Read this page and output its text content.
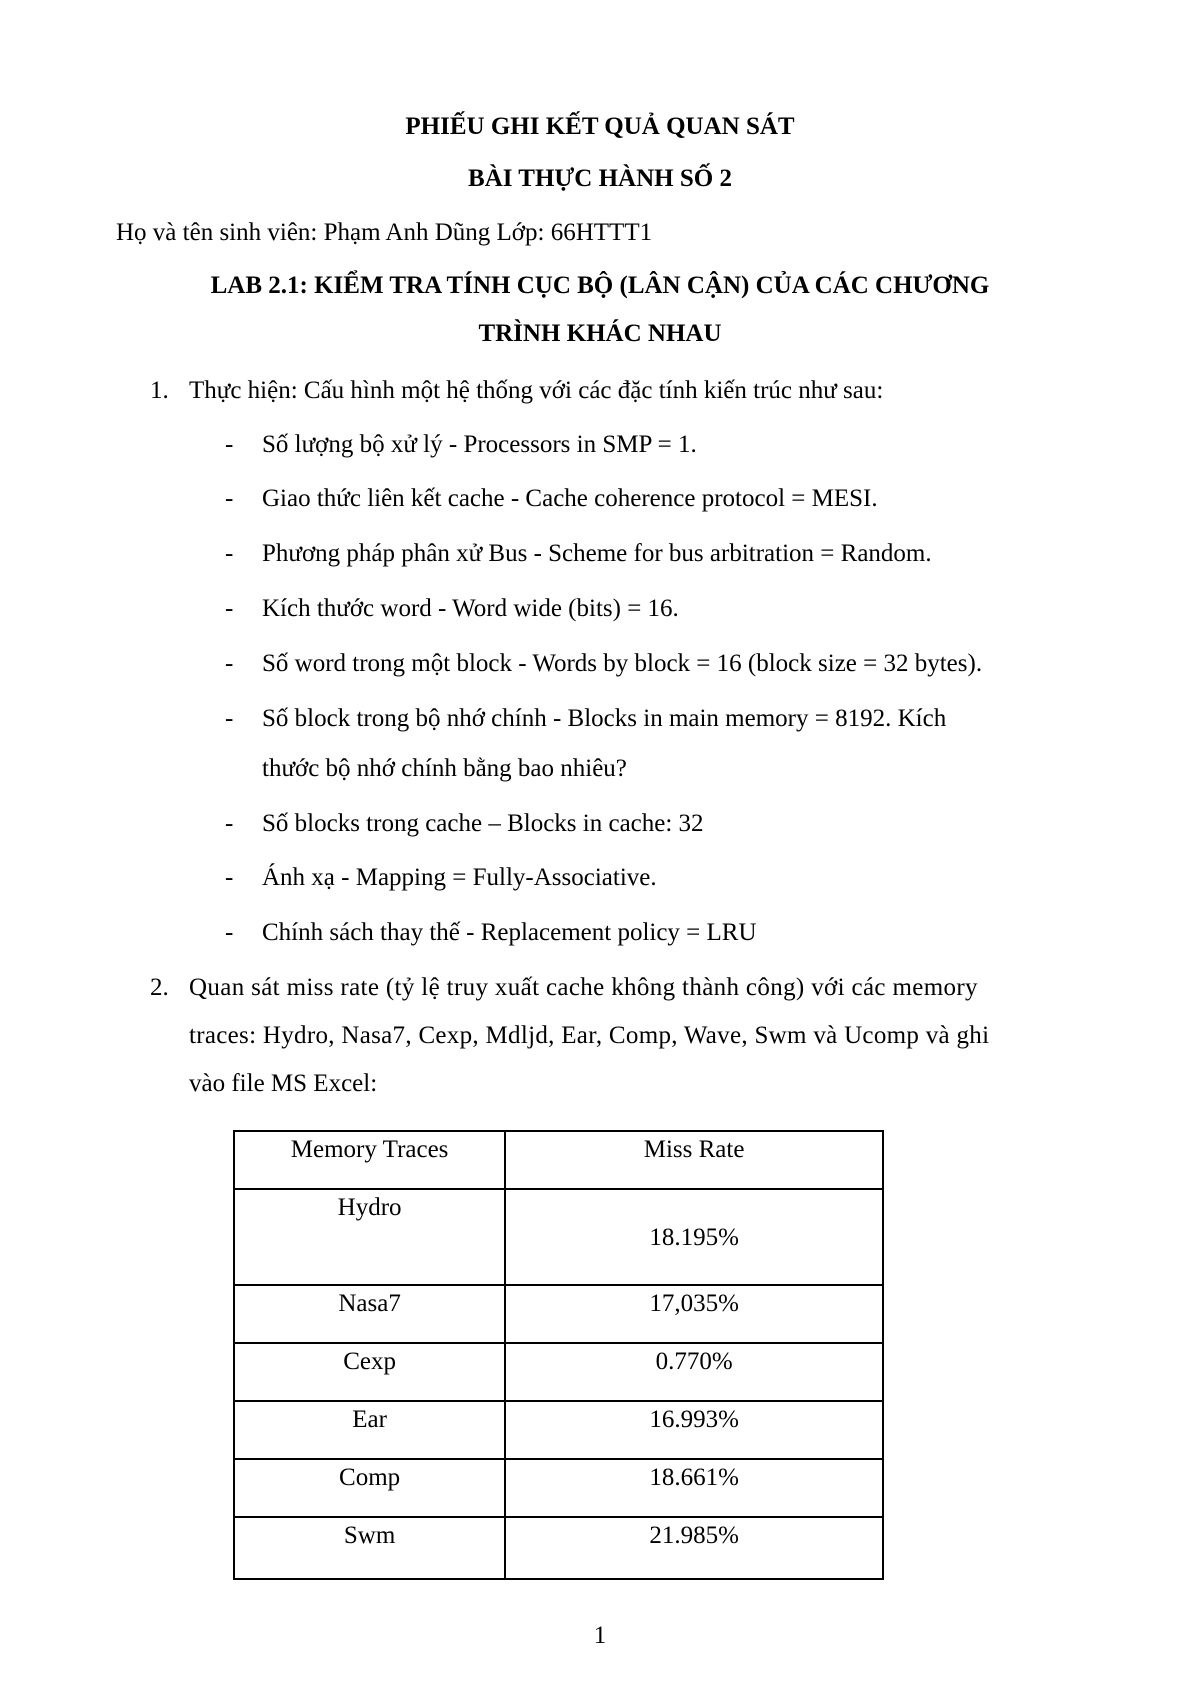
PHIẾU GHI KẾT QUẢ QUAN SÁT
BÀI THỰC HÀNH SỐ 2
Họ và tên sinh viên: Phạm Anh Dũng Lớp: 66HTTT1
LAB 2.1: KIỂM TRA TÍNH CỤC BỘ (LÂN CẬN) CỦA CÁC CHƯƠNG
TRÌNH KHÁC NHAU
1. Thực hiện: Cấu hình một hệ thống với các đặc tính kiến trúc như sau:
- Số lượng bộ xử lý - Processors in SMP = 1.
- Giao thức liên kết cache - Cache coherence protocol = MESI.
- Phương pháp phân xử Bus - Scheme for bus arbitration = Random.
- Kích thước word - Word wide (bits) = 16.
- Số word trong một block - Words by block = 16 (block size = 32 bytes).
- Số block trong bộ nhớ chính - Blocks in main memory = 8192. Kích
thước bộ nhớ chính bằng bao nhiêu?
- Số blocks trong cache – Blocks in cache: 32
- Ánh xạ - Mapping = Fully-Associative.
- Chính sách thay thế - Replacement policy = LRU
2. Quan sát miss rate (tỷ lệ truy xuất cache không thành công) với các memory
traces: Hydro, Nasa7, Cexp, Mdljd, Ear, Comp, Wave, Swm và Ucomp và ghi
vào file MS Excel:
Memory Traces	Miss Rate
Hydro	18.195%
Nasa7	17,035%
Cexp	0.770%
Ear	16.993%
Comp	18.661%
Swm	21.985%
1
